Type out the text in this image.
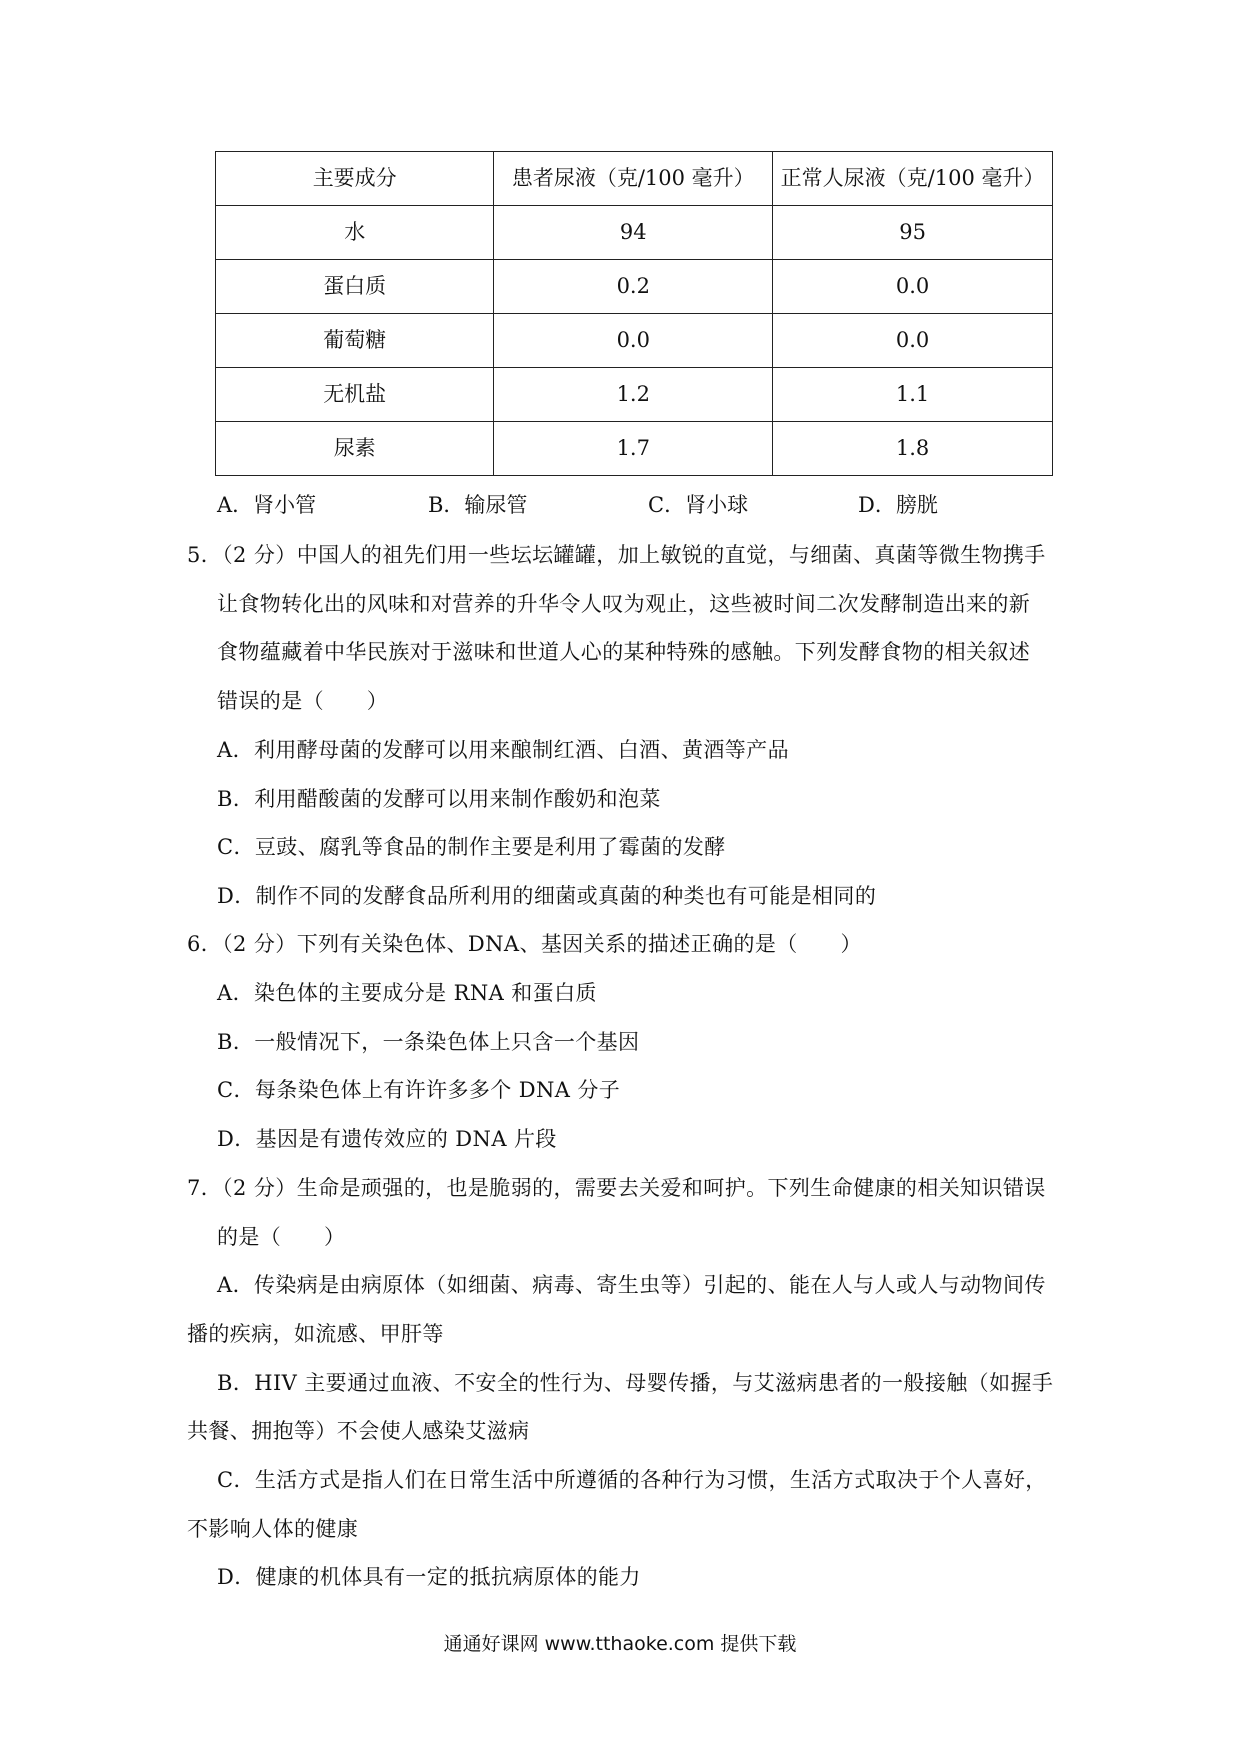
主要成分	患者尿液（克/100 毫升）	正常人尿液（克/100 毫升）
水	94	95
蛋白质	0.2	0.0
葡萄糖	0.0	0.0
无机盐	1.2	1.1
尿素	1.7	1.8
A．肾小管	B．输尿管	C．肾小球	D．膀胱
5．（2 分）中国人的祖先们用一些坛坛罐罐，加上敏锐的直觉，与细菌、真菌等微生物携手
让食物转化出的风味和对营养的升华令人叹为观止，这些被时间二次发酵制造出来的新
食物蕴藏着中华民族对于滋味和世道人心的某种特殊的感触。下列发酵食物的相关叙述
错误的是（　　）
A．利用酵母菌的发酵可以用来酿制红酒、白酒、黄酒等产品
B．利用醋酸菌的发酵可以用来制作酸奶和泡菜
C．豆豉、腐乳等食品的制作主要是利用了霉菌的发酵
D．制作不同的发酵食品所利用的细菌或真菌的种类也有可能是相同的
6．（2 分）下列有关染色体、DNA、基因关系的描述正确的是（　　）
A．染色体的主要成分是 RNA 和蛋白质
B．一般情况下，一条染色体上只含一个基因
C．每条染色体上有许许多多个 DNA 分子
D．基因是有遗传效应的 DNA 片段
7．（2 分）生命是顽强的，也是脆弱的，需要去关爱和呵护。下列生命健康的相关知识错误
的是（　　）
A．传染病是由病原体（如细菌、病毒、寄生虫等）引起的、能在人与人或人与动物间传
播的疾病，如流感、甲肝等
B．HIV 主要通过血液、不安全的性行为、母婴传播，与艾滋病患者的一般接触（如握手
共餐、拥抱等）不会使人感染艾滋病
C．生活方式是指人们在日常生活中所遵循的各种行为习惯，生活方式取决于个人喜好，
不影响人体的健康
D．健康的机体具有一定的抵抗病原体的能力
通通好课网 www.tthaoke.com 提供下载
